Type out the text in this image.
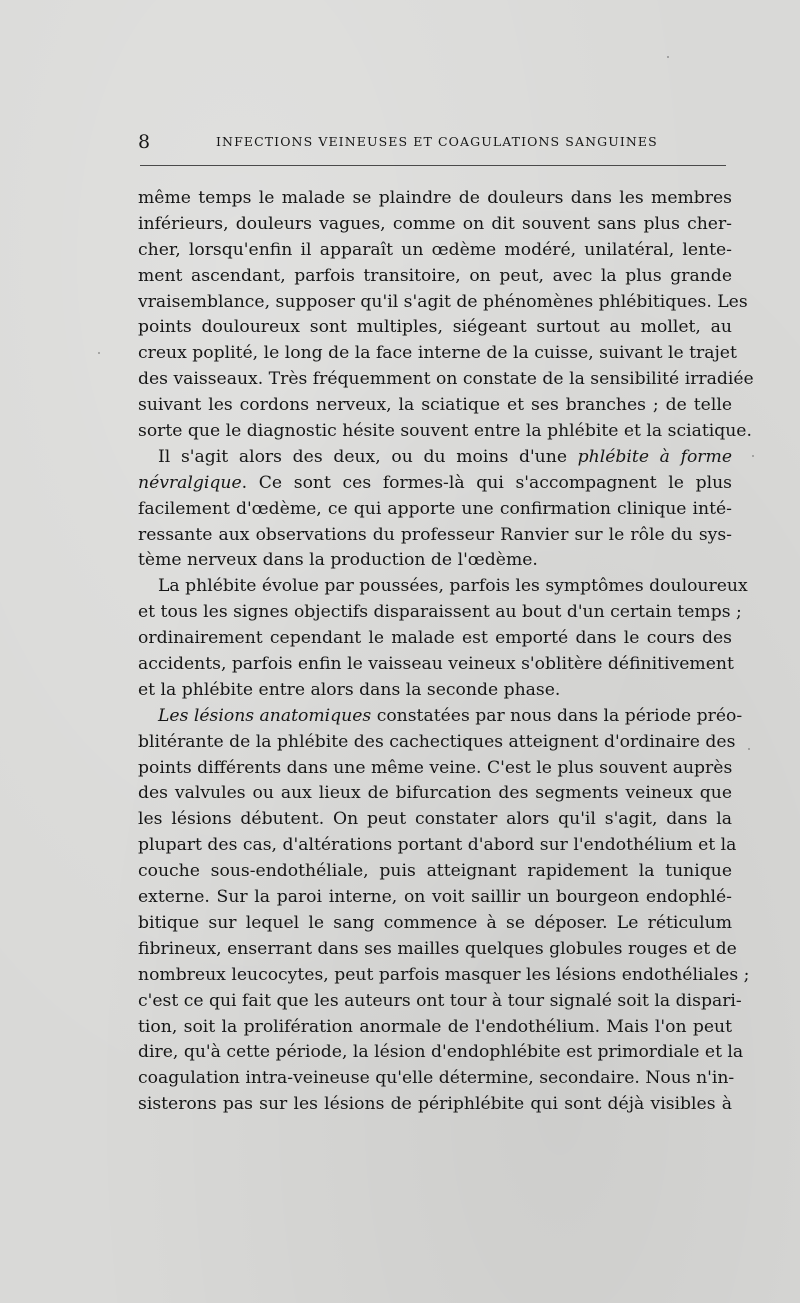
8	INFECTIONS VEINEUSES ET COAGULATIONS SANGUINES
même temps le malade se plaindre de douleurs dans les membres
inférieurs, douleurs vagues, comme on dit souvent sans plus cher-
cher, lorsqu'enfin il apparaît un œdème modéré, unilatéral, lente-
ment ascendant, parfois transitoire, on peut, avec la plus grande
vraisemblance, supposer qu'il s'agit de phénomènes phlébitiques. Les
points douloureux sont multiples, siégeant surtout au mollet, au
creux poplité, le long de la face interne de la cuisse, suivant le trajet
des vaisseaux. Très fréquemment on constate de la sensibilité irradiée
suivant les cordons nerveux, la sciatique et ses branches ; de telle
sorte que le diagnostic hésite souvent entre la phlébite et la sciatique.
Il s'agit alors des deux, ou du moins d'une phlébite à forme
névralgique. Ce sont ces formes-là qui s'accompagnent le plus
facilement d'œdème, ce qui apporte une confirmation clinique inté-
ressante aux observations du professeur Ranvier sur le rôle du sys-
tème nerveux dans la production de l'œdème.
La phlébite évolue par poussées, parfois les symptômes douloureux
et tous les signes objectifs disparaissent au bout d'un certain temps ;
ordinairement cependant le malade est emporté dans le cours des
accidents, parfois enfin le vaisseau veineux s'oblitère définitivement
et la phlébite entre alors dans la seconde phase.
Les lésions anatomiques constatées par nous dans la période préo-
blitérante de la phlébite des cachectiques atteignent d'ordinaire des
points différents dans une même veine. C'est le plus souvent auprès
des valvules ou aux lieux de bifurcation des segments veineux que
les lésions débutent. On peut constater alors qu'il s'agit, dans la
plupart des cas, d'altérations portant d'abord sur l'endothélium et la
couche sous-endothéliale, puis atteignant rapidement la tunique
externe. Sur la paroi interne, on voit saillir un bourgeon endophlé-
bitique sur lequel le sang commence à se déposer. Le réticulum
fibrineux, enserrant dans ses mailles quelques globules rouges et de
nombreux leucocytes, peut parfois masquer les lésions endothéliales ;
c'est ce qui fait que les auteurs ont tour à tour signalé soit la dispari-
tion, soit la prolifération anormale de l'endothélium. Mais l'on peut
dire, qu'à cette période, la lésion d'endophlébite est primordiale et la
coagulation intra-veineuse qu'elle détermine, secondaire. Nous n'in-
sisterons pas sur les lésions de périphlébite qui sont déjà visibles à
